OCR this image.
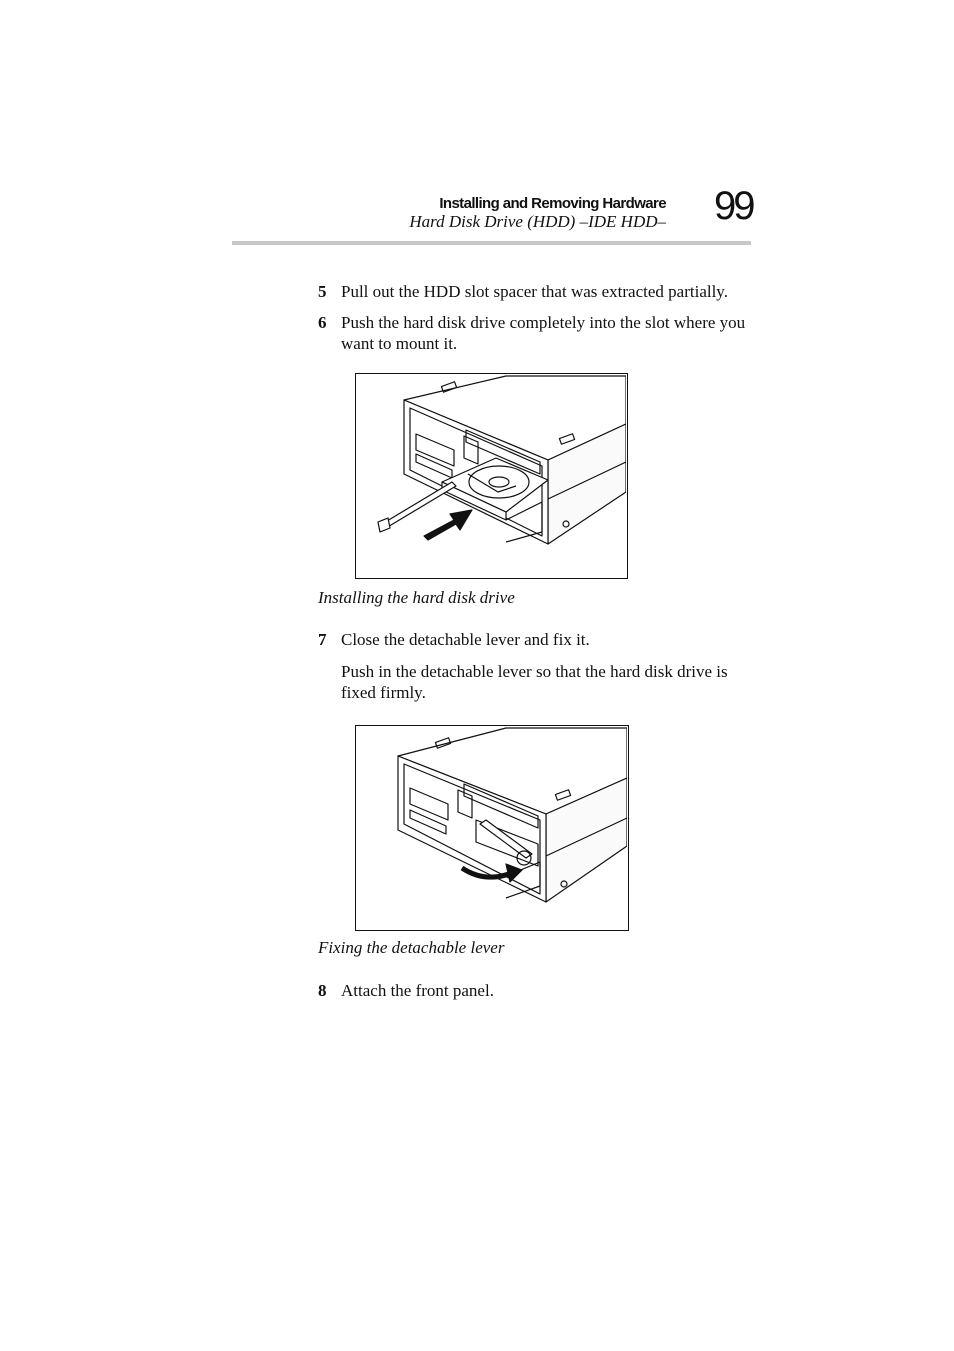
Installing and Removing Hardware
Hard Disk Drive (HDD) –IDE HDD– 99
5 Pull out the HDD slot spacer that was extracted partially.
6 Push the hard disk drive completely into the slot where you want to mount it.
Installing the hard disk drive
7 Close the detachable lever and fix it.
Push in the detachable lever so that the hard disk drive is fixed firmly.
Fixing the detachable lever
8 Attach the front panel.
